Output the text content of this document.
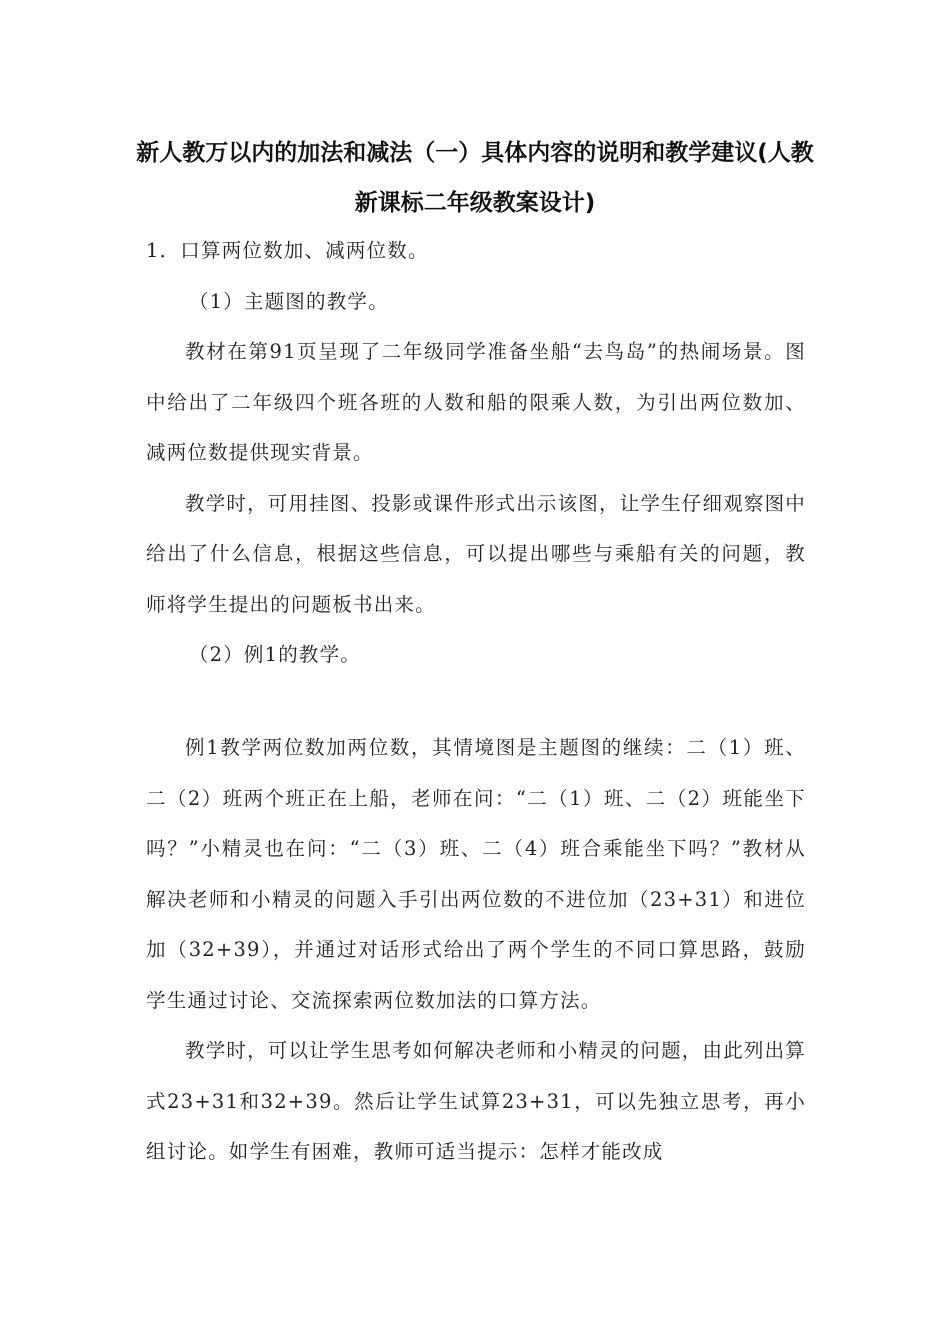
新人教万以内的加法和减法（一）具体内容的说明和教学建议(人教新课标二年级教案设计)

1．口算两位数加、减两位数。

（1）主题图的教学。

教材在第91页呈现了二年级同学准备坐船“去鸟岛”的热闹场景。图中给出了二年级四个班各班的人数和船的限乘人数，为引出两位数加、减两位数提供现实背景。

教学时，可用挂图、投影或课件形式出示该图，让学生仔细观察图中给出了什么信息，根据这些信息，可以提出哪些与乘船有关的问题，教师将学生提出的问题板书出来。

（2）例1的教学。

例1教学两位数加两位数，其情境图是主题图的继续：二（1）班、二（2）班两个班正在上船，老师在问：“二（1）班、二（2）班能坐下吗？”小精灵也在问：“二（3）班、二（4）班合乘能坐下吗？”教材从解决老师和小精灵的问题入手引出两位数的不进位加（23+31）和进位加（32+39），并通过对话形式给出了两个学生的不同口算思路，鼓励学生通过讨论、交流探索两位数加法的口算方法。

教学时，可以让学生思考如何解决老师和小精灵的问题，由此列出算式23+31和32+39。然后让学生试算23+31，可以先独立思考，再小组讨论。如学生有困难，教师可适当提示：怎样才能改成
